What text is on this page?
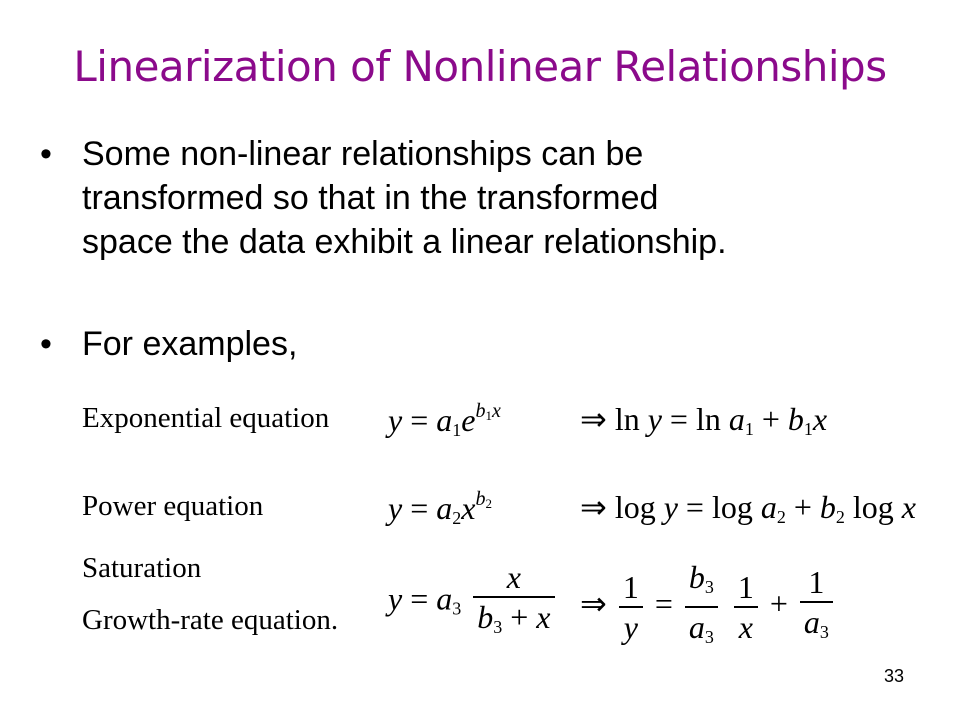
Linearization of Nonlinear Relationships
• Some non-linear relationships can be
transformed so that in the transformed
space the data exhibit a linear relationship.
• For examples,
Exponential equation
Power equation
Saturation
Growth-rate equation.
$y = a_1e^{b_1x}$ ⇒ $\ln y = \ln a_1 + b_1x$
$y = a_2x^{b_2}$	⇒ $\log y = \log a_2 + b_2$ log x
$y = a_3 \frac{x}{b_3 + x}$ ⇒ $\frac{1}{y} = \frac{b_3}{a_3}$
$\frac{1}{x} + \frac{1}{a_3}$
33
